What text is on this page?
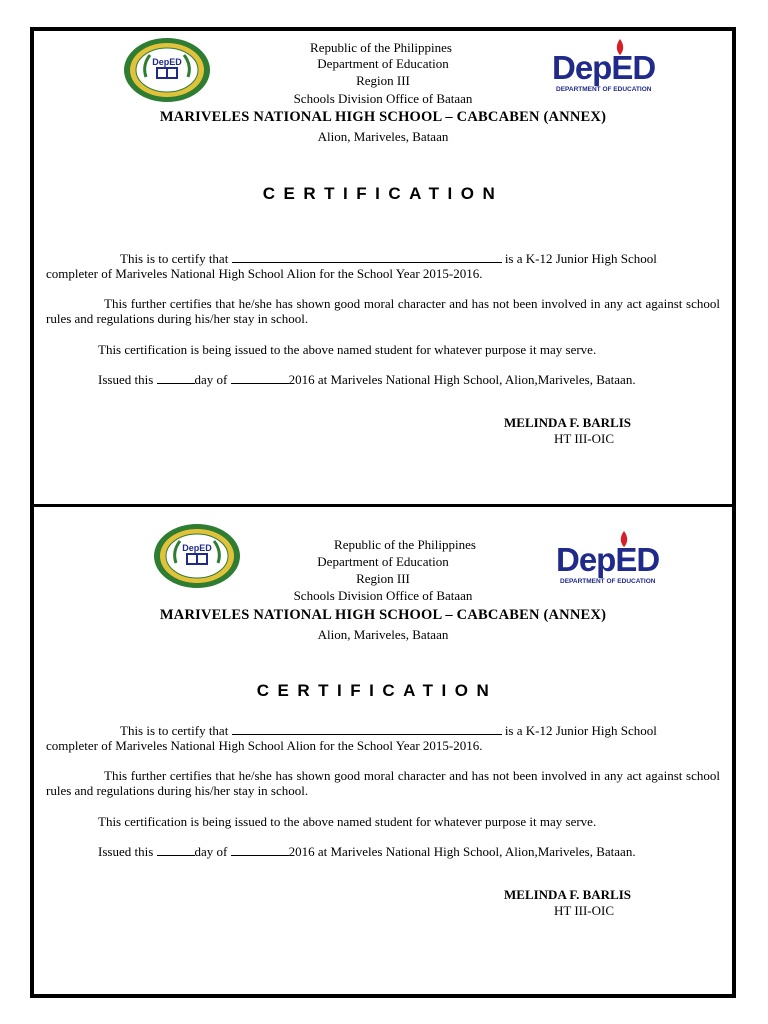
DepED	DepED
DEPARTMENT OF EDUCATION
Republic of the Philippines
Department of Education
Region III
Schools Division Office of Bataan
MARIVELES NATIONAL HIGH SCHOOL – CABCABEN (ANNEX)
Alion, Mariveles, Bataan
CERTIFICATION
This is to certify that	is a K-12 Junior High School
completer of Mariveles National High School Alion for the School Year 2015-2016.
This further certifies that he/she has shown good moral character and has not been involved in any act against school rules and regulations during his/her stay in school.
This certification is being issued to the above named student for whatever purpose it may serve.
Issued this	day of	2016 at Mariveles National High School, Alion,Mariveles, Bataan.
MELINDA F. BARLIS
HT III-OIC
DepED	DepED
DEPARTMENT OF EDUCATION
Republic of the Philippines
Department of Education
Region III
Schools Division Office of Bataan
MARIVELES NATIONAL HIGH SCHOOL – CABCABEN (ANNEX)
Alion, Mariveles, Bataan
CERTIFICATION
This is to certify that	is a K-12 Junior High School
completer of Mariveles National High School Alion for the School Year 2015-2016.
This further certifies that he/she has shown good moral character and has not been involved in any act against school rules and regulations during his/her stay in school.
This certification is being issued to the above named student for whatever purpose it may serve.
Issued this	day of	2016 at Mariveles National High School, Alion,Mariveles, Bataan.
MELINDA F. BARLIS
HT III-OIC
